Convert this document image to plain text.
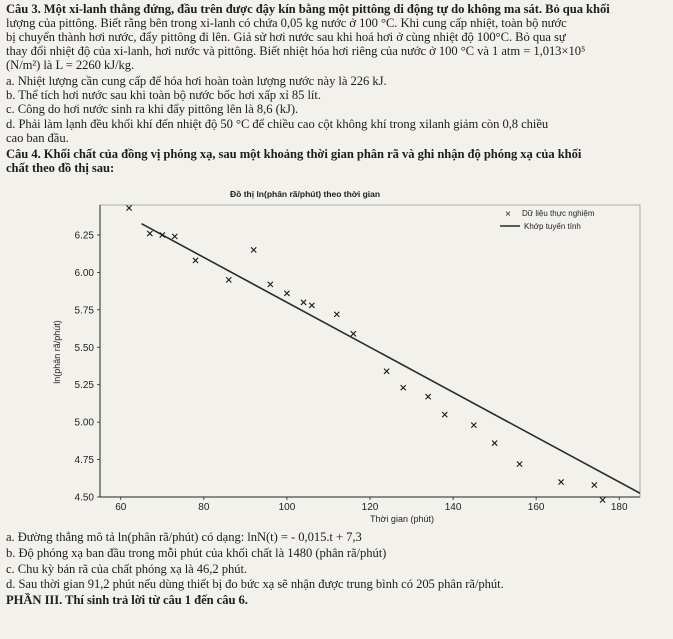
Câu 3. Một xi-lanh thẳng đứng, đầu trên được đậy kín bằng một pittông di động tự do không ma sát. Bỏ qua khối
lượng của pittông. Biết rằng bên trong xi-lanh có chứa 0,05 kg nước ở 100 °C. Khi cung cấp nhiệt, toàn bộ nước
bị chuyển thành hơi nước, đẩy pittông đi lên. Giả sử hơi nước sau khi hoá hơi ở cùng nhiệt độ 100°C. Bỏ qua sự
thay đổi nhiệt độ của xi-lanh, hơi nước và pittông. Biết nhiệt hóa hơi riêng của nước ở 100 °C và 1 atm = 1,013×10⁵
(N/m²) là L = 2260 kJ/kg.
a. Nhiệt lượng cần cung cấp để hóa hơi hoàn toàn lượng nước này là 226 kJ.
b. Thể tích hơi nước sau khi toàn bộ nước bốc hơi xấp xỉ 85 lít.
c. Công do hơi nước sinh ra khi đẩy pittông lên là 8,6 (kJ).
d. Phải làm lạnh đều khối khí đến nhiệt độ 50 °C để chiều cao cột không khí trong xilanh giảm còn 0,8 chiều
cao ban đầu.
Câu 4. Khối chất của đồng vị phóng xạ, sau một khoảng thời gian phân rã và ghi nhận độ phóng xạ của khối
chất theo đồ thị sau:
Đồ thị ln(phân rã/phút) theo thời gian
60	80	100	120	140	160	180
4.50
4.75
5.00
5.25
5.50
5.75
6.00
6.25
Thời gian (phút)
ln(phân rã/phút)
× Dữ liệu thực nghiệm
Khớp tuyến tính
a. Đường thẳng mô tả ln(phân rã/phút) có dạng: lnN(t) = - 0,015.t + 7,3
b. Độ phóng xạ ban đầu trong mỗi phút của khối chất là 1480 (phân rã/phút)
c. Chu kỳ bán rã của chất phóng xạ là 46,2 phút.
d. Sau thời gian 91,2 phút nếu dùng thiết bị đo bức xạ sẽ nhận được trung bình có 205 phân rã/phút.
PHẦN III. Thí sinh trả lời từ câu 1 đến câu 6.
